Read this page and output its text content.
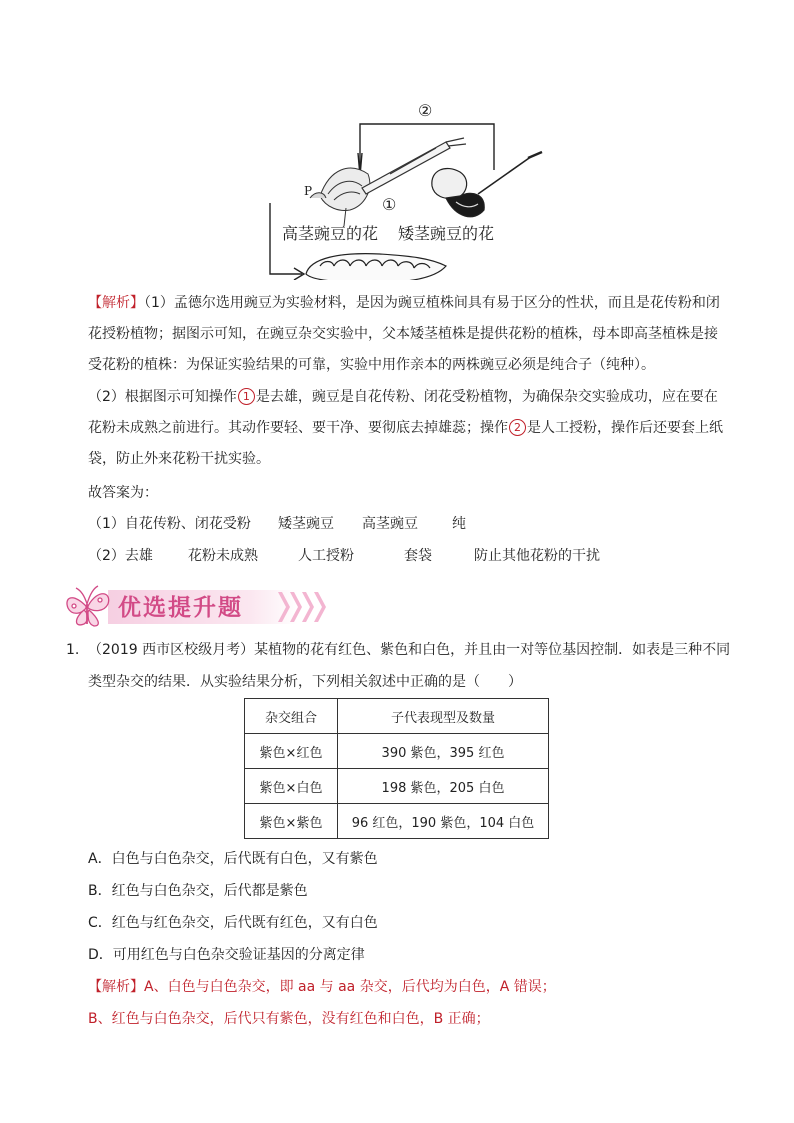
P
①
②
高茎豌豆的花 矮茎豌豆的花
【解析】（1）孟德尔选用豌豆为实验材料，是因为豌豆植株间具有易于区分的性状，而且是花传粉和闭
花授粉植物；据图示可知，在豌豆杂交实验中，父本矮茎植株是提供花粉的植株，母本即高茎植株是接
受花粉的植株：为保证实验结果的可靠，实验中用作亲本的两株豌豆必须是纯合子（纯种）。
（2）根据图示可知操作 1 是去雄，豌豆是自花传粉、闭花受粉植物，为确保杂交实验成功，应在要在
花粉未成熟之前进行。其动作要轻、要干净、要彻底去掉雄蕊；操作 2 是人工授粉，操作后还要套上纸
袋，防止外来花粉干扰实验。
故答案为：
（1）自花传粉、闭花受粉 矮茎豌豆 高茎豌豆 纯
（2）去雄	花粉未成熟	人工授粉	套袋	防止其他花粉的干扰
优选提升题
1. （2019 西市区校级月考）某植物的花有红色、紫色和白色，并且由一对等位基因控制．如表是三种不同
类型杂交的结果．从实验结果分析，下列相关叙述中正确的是（　　）
杂交组合	子代表现型及数量
紫色×红色	390 紫色，395 红色
紫色×白色	198 紫色，205 白色
紫色×紫色	96 红色，190 紫色，104 白色
A．白色与白色杂交，后代既有白色，又有紫色
B．红色与白色杂交，后代都是紫色
C．红色与红色杂交，后代既有红色，又有白色
D．可用红色与白色杂交验证基因的分离定律
【解析】A、白色与白色杂交，即 aa 与 aa 杂交，后代均为白色，A 错误；
B、红色与白色杂交，后代只有紫色，没有红色和白色，B 正确；
